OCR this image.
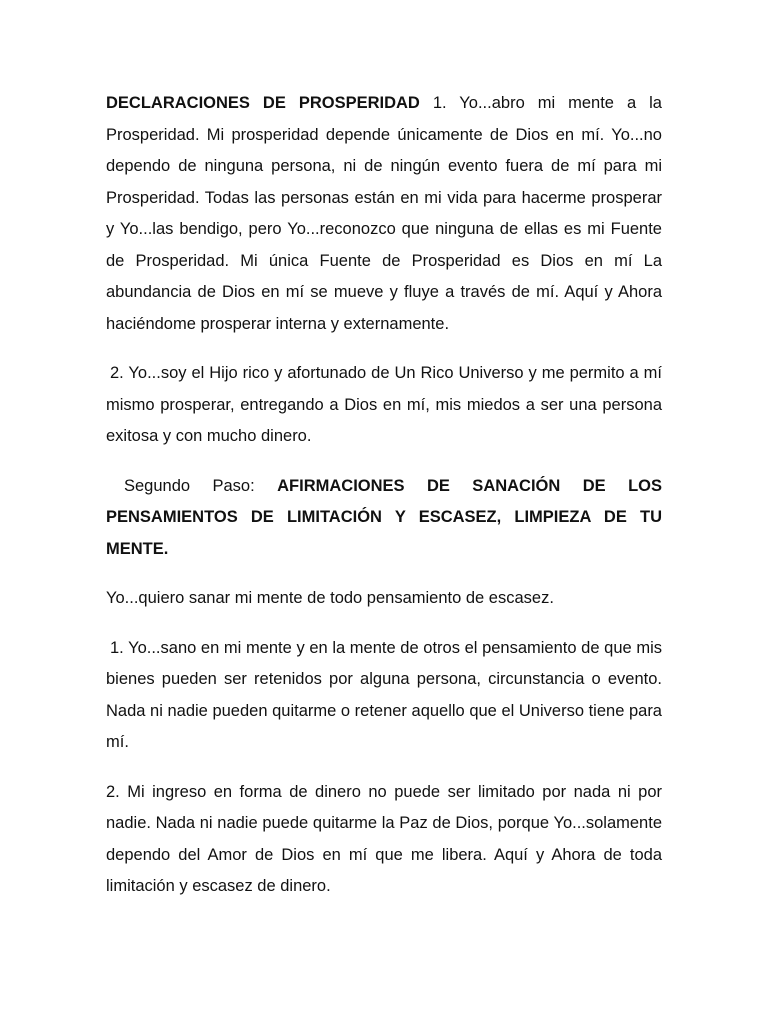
DECLARACIONES DE PROSPERIDAD 1. Yo...abro mi mente a la Prosperidad. Mi prosperidad depende únicamente de Dios en mí. Yo...no dependo de ninguna persona, ni de ningún evento fuera de mí para mi Prosperidad. Todas las personas están en mi vida para hacerme prosperar y Yo...las bendigo, pero Yo...reconozco que ninguna de ellas es mi Fuente de Prosperidad. Mi única Fuente de Prosperidad es Dios en mí La abundancia de Dios en mí se mueve y fluye a través de mí. Aquí y Ahora haciéndome prosperar interna y externamente.

2. Yo...soy el Hijo rico y afortunado de Un Rico Universo y me permito a mí mismo prosperar, entregando a Dios en mí, mis miedos a ser una persona exitosa y con mucho dinero.

Segundo Paso: AFIRMACIONES DE SANACIÓN DE LOS PENSAMIENTOS DE LIMITACIÓN Y ESCASEZ, LIMPIEZA DE TU MENTE.

Yo...quiero sanar mi mente de todo pensamiento de escasez.

1. Yo...sano en mi mente y en la mente de otros el pensamiento de que mis bienes pueden ser retenidos por alguna persona, circunstancia o evento. Nada ni nadie pueden quitarme o retener aquello que el Universo tiene para mí.

2. Mi ingreso en forma de dinero no puede ser limitado por nada ni por nadie. Nada ni nadie puede quitarme la Paz de Dios, porque Yo...solamente dependo del Amor de Dios en mí que me libera. Aquí y Ahora de toda limitación y escasez de dinero.
